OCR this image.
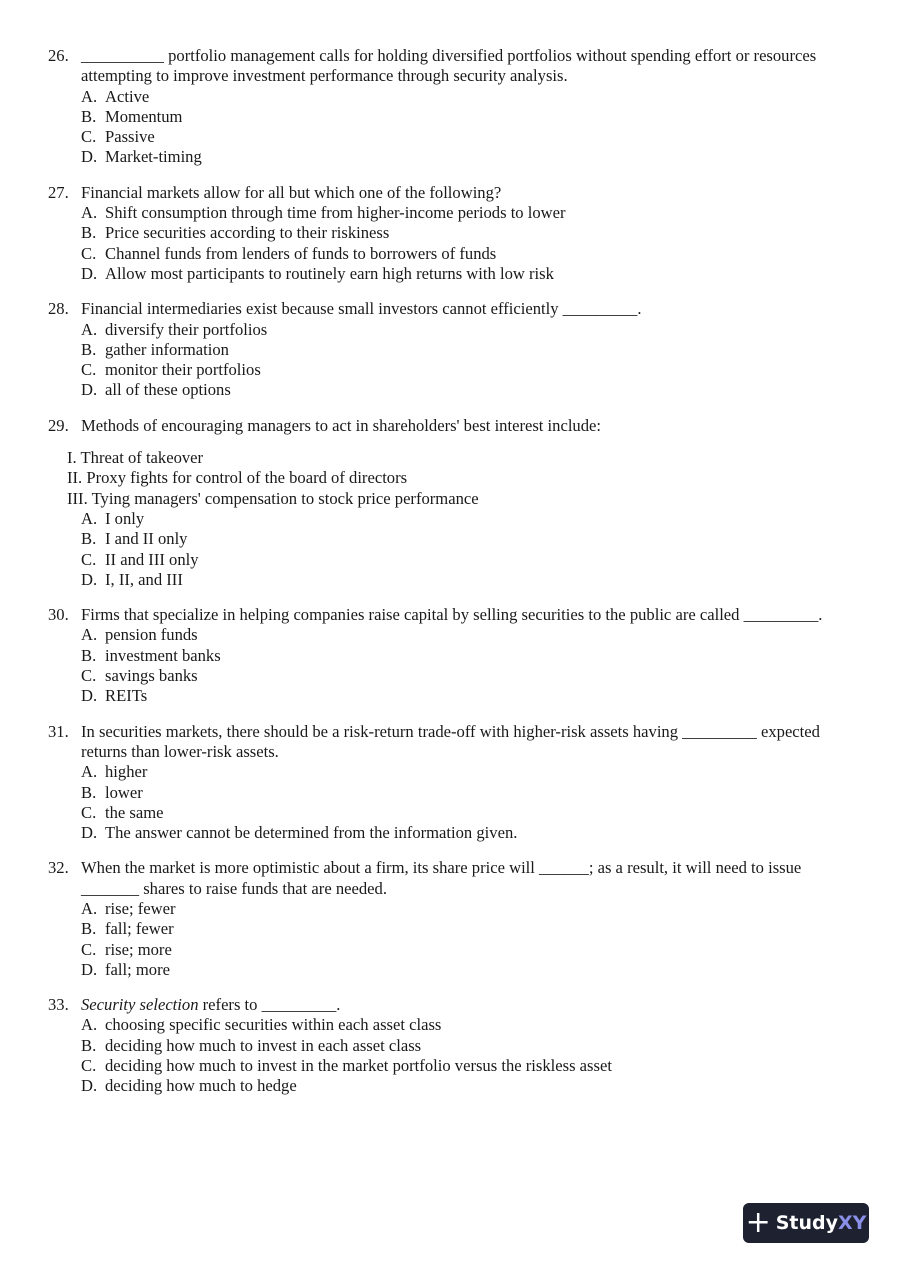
26. __________ portfolio management calls for holding diversified portfolios without spending effort or resources attempting to improve investment performance through security analysis.
A. Active
B. Momentum
C. Passive
D. Market-timing
27. Financial markets allow for all but which one of the following?
A. Shift consumption through time from higher-income periods to lower
B. Price securities according to their riskiness
C. Channel funds from lenders of funds to borrowers of funds
D. Allow most participants to routinely earn high returns with low risk
28. Financial intermediaries exist because small investors cannot efficiently _________.
A. diversify their portfolios
B. gather information
C. monitor their portfolios
D. all of these options
29. Methods of encouraging managers to act in shareholders' best interest include:
I. Threat of takeover
II. Proxy fights for control of the board of directors
III. Tying managers' compensation to stock price performance
A. I only
B. I and II only
C. II and III only
D. I, II, and III
30. Firms that specialize in helping companies raise capital by selling securities to the public are called _________.
A. pension funds
B. investment banks
C. savings banks
D. REITs
31. In securities markets, there should be a risk-return trade-off with higher-risk assets having _________ expected returns than lower-risk assets.
A. higher
B. lower
C. the same
D. The answer cannot be determined from the information given.
32. When the market is more optimistic about a firm, its share price will ______; as a result, it will need to issue _______ shares to raise funds that are needed.
A. rise; fewer
B. fall; fewer
C. rise; more
D. fall; more
33. Security selection refers to _________.
A. choosing specific securities within each asset class
B. deciding how much to invest in each asset class
C. deciding how much to invest in the market portfolio versus the riskless asset
D. deciding how much to hedge
+ Study XY
